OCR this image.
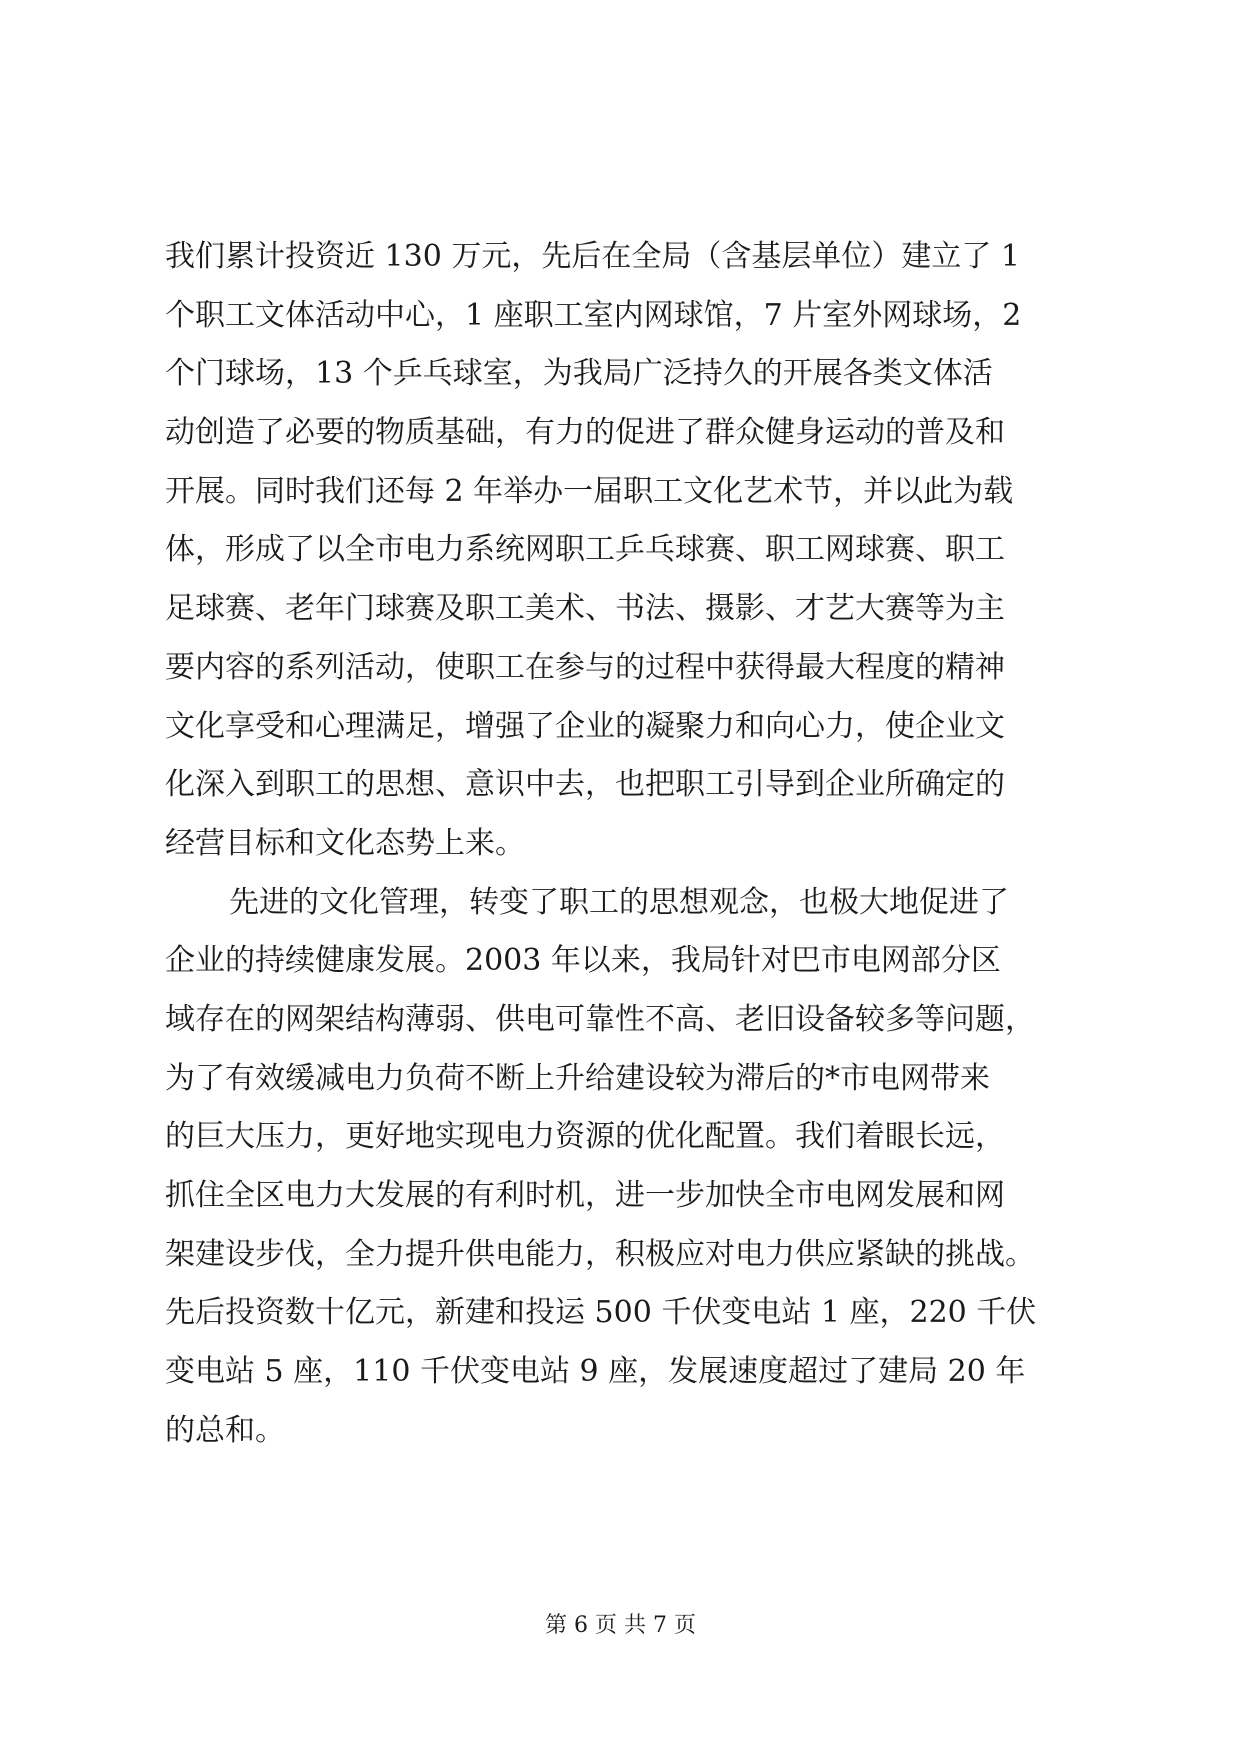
我们累计投资近 130 万元，先后在全局（含基层单位）建立了 1
个职工文体活动中心，1 座职工室内网球馆，7 片室外网球场，2
个门球场，13 个乒乓球室，为我局广泛持久的开展各类文体活
动创造了必要的物质基础，有力的促进了群众健身运动的普及和
开展。同时我们还每 2 年举办一届职工文化艺术节，并以此为载
体，形成了以全市电力系统网职工乒乓球赛、职工网球赛、职工
足球赛、老年门球赛及职工美术、书法、摄影、才艺大赛等为主
要内容的系列活动，使职工在参与的过程中获得最大程度的精神
文化享受和心理满足，增强了企业的凝聚力和向心力，使企业文
化深入到职工的思想、意识中去，也把职工引导到企业所确定的
经营目标和文化态势上来。
先进的文化管理，转变了职工的思想观念，也极大地促进了
企业的持续健康发展。2003 年以来，我局针对巴市电网部分区
域存在的网架结构薄弱、供电可靠性不高、老旧设备较多等问题，
为了有效缓减电力负荷不断上升给建设较为滞后的*市电网带来
的巨大压力，更好地实现电力资源的优化配置。我们着眼长远，
抓住全区电力大发展的有利时机，进一步加快全市电网发展和网
架建设步伐，全力提升供电能力，积极应对电力供应紧缺的挑战。
先后投资数十亿元，新建和投运 500 千伏变电站 1 座，220 千伏
变电站 5 座，110 千伏变电站 9 座，发展速度超过了建局 20 年
的总和。
第 6 页 共 7 页
